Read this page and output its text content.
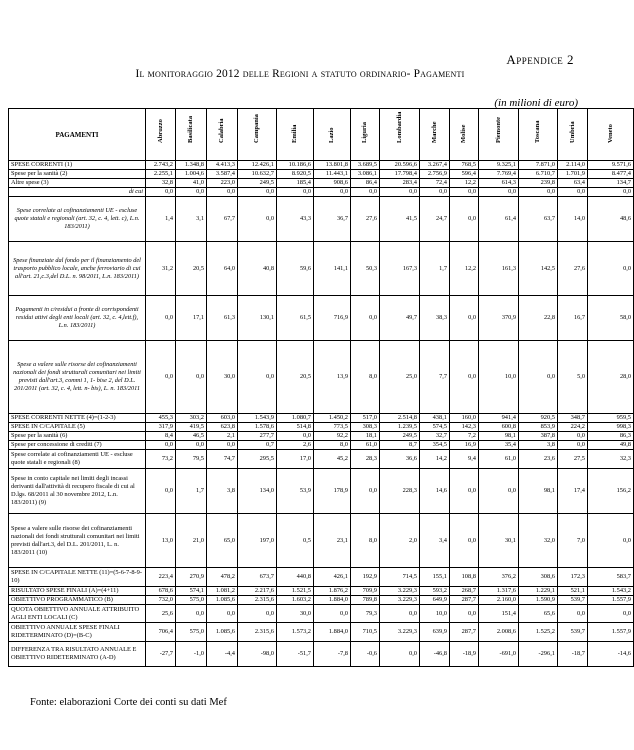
Appendice 2
Il monitoraggio 2012 delle Regioni a statuto ordinario- Pagamenti
(in milioni di euro)
PAGAMENTI	Abruzzo	Basilicata	Calabria	Campania	Emilia	Lazio	Liguria	Lombardia	Marche	Molise	Piemonte	Toscana	Umbria	Veneto

SPESE CORRENTI (1)	2.743,2	1.348,8	4.413,3	12.426,1	10.186,6	13.801,8	3.689,5	20.596,6	3.267,4	768,5	9.325,1	7.871,0	2.114,0	9.571,6
Spese per la sanità (2)	2.255,1	1.004,6	3.587,4	10.632,7	8.920,5	11.443,1	3.086,1	17.798,4	2.756,9	596,4	7.769,4	6.710,7	1.701,9	8.477,4
Altre spese (3)	32,8	41,0	223,0	249,5	185,4	908,6	86,4	283,4	72,4	12,2	614,3	239,8	63,4	134,7
di cui	0,0	0,0	0,0	0,0	0,0	0,0	0,0	0,0	0,0	0,0	0,0	0,0	0,0	0,0
Spese correlate ai cofinanziamenti UE - escluse quote statali e regionali (art. 32, c. 4, lett. c), L.n. 183/2011)	1,4	3,1	67,7	0,0	43,3	36,7	27,6	41,5	24,7	0,0	61,4	63,7	14,0	48,6
Spese finanziate dal fondo per il finanziamento del trasporto pubblico locale, anche ferroviario di cui all'art. 21,c.3,del D.L. n. 98/2011, L.n. 183/2011)	31,2	20,5	64,0	40,8	59,6	141,1	50,3	167,3	1,7	12,2	161,3	142,5	27,6	0,0
Pagamenti in c/residui a fronte di corrispondenti residui attivi degli enti locali (art. 32, c. 4,lett.f), L.n. 183/2011)	0,0	17,1	61,3	130,1	61,5	716,9	0,0	49,7	38,3	0,0	370,9	22,8	16,7	58,0
Spese a valere sulle risorse dei cofinanziamenti nazionali dei fondi strutturali comunitari nei limiti previsti dall'art.3, commi 1, 1- bise 2, del D.L. 201/2011 (art. 32, c. 4, lett. n- bis), L. n. 183/2011	0,0	0,0	30,0	0,0	20,5	13,9	8,0	25,0	7,7	0,0	10,0	0,0	5,0	28,0
SPESE CORRENTI NETTE (4)=(1-2-3)	455,3	303,2	603,0	1.543,9	1.080,7	1.450,2	517,0	2.514,8	438,1	160,0	941,4	920,5	348,7	959,5
SPESE IN C/CAPITALE (5)	317,9	419,5	623,8	1.578,6	514,8	773,5	308,3	1.239,5	574,5	142,3	600,8	853,9	224,2	998,3
Spese per la sanità (6)	8,4	46,5	2,1	277,7	0,0	92,2	18,1	249,5	32,7	7,2	98,1	387,8	0,0	86,3
Spese per concessione di crediti (7)	0,0	0,0	0,0	0,7	2,6	8,0	61,0	8,7	354,5	16,9	35,4	3,8	0,0	49,8
Spese correlate ai cofinanziamenti UE - escluse quote statali e regionali (8)	73,2	79,5	74,7	295,5	17,0	45,2	28,3	36,6	14,2	9,4	61,0	23,6	27,5	32,3
Spese in conto capitale nei limiti degli incassi derivanti dall'attività di recupero fiscale di cui al D.lgs. 68/2011 al 30 novembre 2012, L.n. 183/2011) (9)	0,0	1,7	3,8	134,0	53,9	178,9	0,0	228,3	14,6	0,0	0,0	98,1	17,4	156,2
Spese a valere sulle risorse dei cofinanziamenti nazionali dei fondi strutturali comunitari nei limiti previsti dall'art.3, del D.L. 201/2011, L. n. 183/2011 (10)	13,0	21,0	65,0	197,0	0,5	23,1	8,0	2,0	3,4	0,0	30,1	32,0	7,0	0,0
SPESE IN C/CAPITALE NETTE (11)=(5-6-7-8-9-10)	223,4	270,9	478,2	673,7	440,8	426,1	192,9	714,5	155,1	108,8	376,2	308,6	172,3	583,7
RISULTATO SPESE FINALI (A)=(4+11)	678,6	574,1	1.081,2	2.217,6	1.521,5	1.876,2	709,9	3.229,3	593,2	268,7	1.317,6	1.229,1	521,1	1.543,2
OBIETTIVO PROGRAMMATICO (B)	732,0	575,0	1.085,6	2.315,6	1.603,2	1.884,0	789,8	3.229,3	649,9	287,7	2.160,0	1.590,9	539,7	1.557,9
QUOTA OBIETTIVO ANNUALE ATTRIBUITO AGLI ENTI LOCALI (C)	25,6	0,0	0,0	0,0	30,0	0,0	79,3	0,0	10,0	0,0	151,4	65,6	0,0	0,0
OBIETTIVO ANNUALE SPESE FINALI RIDETERMINATO (D)=(B-C)	706,4	575,0	1.085,6	2.315,6	1.573,2	1.884,0	710,5	3.229,3	639,9	287,7	2.008,6	1.525,2	539,7	1.557,9
DIFFERENZA TRA RISULTATO ANNUALE E OBIETTIVO RIDETERMINATO (A-D)	-27,7	-1,0	-4,4	-98,0	-51,7	-7,8	-0,6	0,0	-46,8	-18,9	-691,0	-296,1	-18,7	-14,6
Fonte: elaborazioni Corte dei conti su dati Mef
